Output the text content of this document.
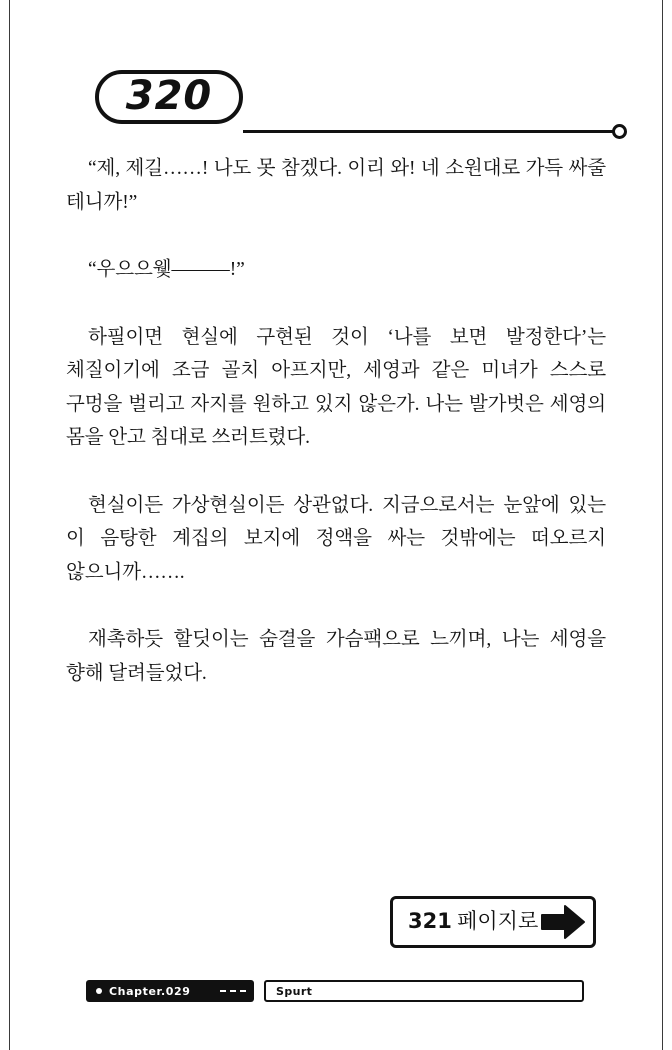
320

“제, 제길……! 나도 못 참겠다. 이리 와! 네 소원대로 가득 싸줄 테니까!”

“우으으웿———!”

하필이면 현실에 구현된 것이 ‘나를 보면 발정한다’는 체질이기에 조금 골치 아프지만, 세영과 같은 미녀가 스스로 구멍을 벌리고 자지를 원하고 있지 않은가. 나는 발가벗은 세영의 몸을 안고 침대로 쓰러트렸다.

현실이든 가상현실이든 상관없다. 지금으로서는 눈앞에 있는 이 음탕한 계집의 보지에 정액을 싸는 것밖에는 떠오르지 않으니까…….

재촉하듯 할딧이는 숨결을 가슴팩으로 느끼며, 나는 세영을 향해 달려들었다.

321 페이지로
Chapter.029	Spurt
